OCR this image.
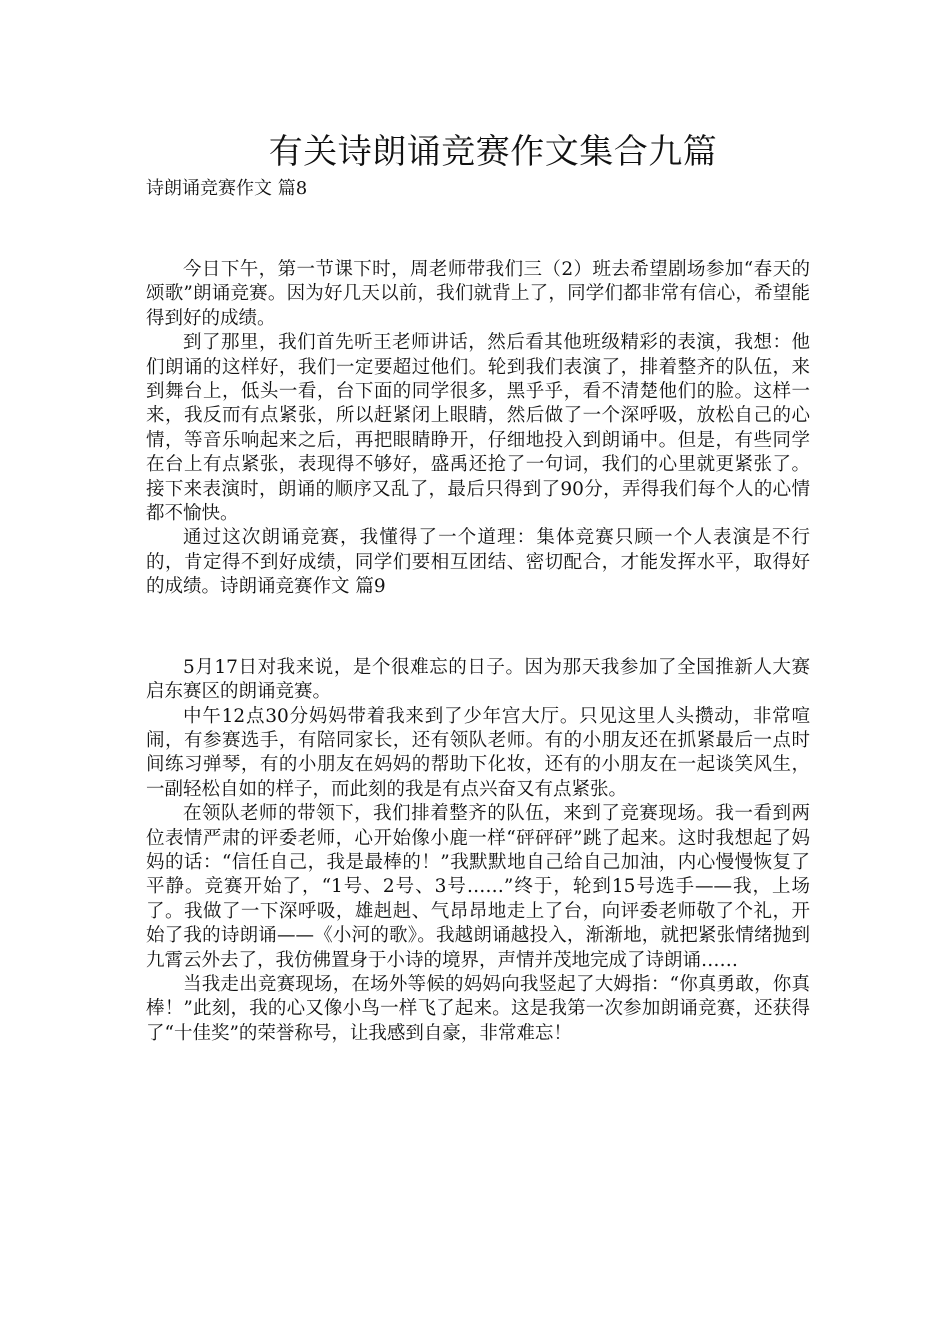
有关诗朗诵竞赛作文集合九篇

诗朗诵竞赛作文 篇8

今日下午，第一节课下时，周老师带我们三（2）班去希望剧场参加“春天的颂歌”朗诵竞赛。因为好几天以前，我们就背上了，同学们都非常有信心，希望能得到好的成绩。

到了那里，我们首先听王老师讲话，然后看其他班级精彩的表演，我想：他们朗诵的这样好，我们一定要超过他们。轮到我们表演了，排着整齐的队伍，来到舞台上，低头一看，台下面的同学很多，黑乎乎，看不清楚他们的脸。这样一来，我反而有点紧张，所以赶紧闭上眼睛，然后做了一个深呼吸，放松自己的心情，等音乐响起来之后，再把眼睛睁开，仔细地投入到朗诵中。但是，有些同学在台上有点紧张，表现得不够好，盛禹还抢了一句词，我们的心里就更紧张了。接下来表演时，朗诵的顺序又乱了，最后只得到了90分，弄得我们每个人的心情都不愉快。

通过这次朗诵竞赛，我懂得了一个道理：集体竞赛只顾一个人表演是不行的，肯定得不到好成绩，同学们要相互团结、密切配合，才能发挥水平，取得好的成绩。诗朗诵竞赛作文 篇9

5月17日对我来说，是个很难忘的日子。因为那天我参加了全国推新人大赛启东赛区的朗诵竞赛。

中午12点30分妈妈带着我来到了少年宫大厅。只见这里人头攒动，非常喧闹，有参赛选手，有陪同家长，还有领队老师。有的小朋友还在抓紧最后一点时间练习弹琴，有的小朋友在妈妈的帮助下化妆，还有的小朋友在一起谈笑风生，一副轻松自如的样子，而此刻的我是有点兴奋又有点紧张。

在领队老师的带领下，我们排着整齐的队伍，来到了竞赛现场。我一看到两位表情严肃的评委老师，心开始像小鹿一样“砰砰砰”跳了起来。这时我想起了妈妈的话：“信任自己，我是最棒的！”我默默地自己给自己加油，内心慢慢恢复了平静。竞赛开始了，“1号、2号、3号……”终于，轮到15号选手——我，上场了。我做了一下深呼吸，雄赳赳、气昂昂地走上了台，向评委老师敬了个礼，开始了我的诗朗诵——《小河的歌》。我越朗诵越投入，渐渐地，就把紧张情绪抛到九霄云外去了，我仿佛置身于小诗的境界，声情并茂地完成了诗朗诵……

当我走出竞赛现场，在场外等候的妈妈向我竖起了大姆指：“你真勇敢，你真棒！”此刻，我的心又像小鸟一样飞了起来。这是我第一次参加朗诵竞赛，还获得了“十佳奖”的荣誉称号，让我感到自豪，非常难忘！
